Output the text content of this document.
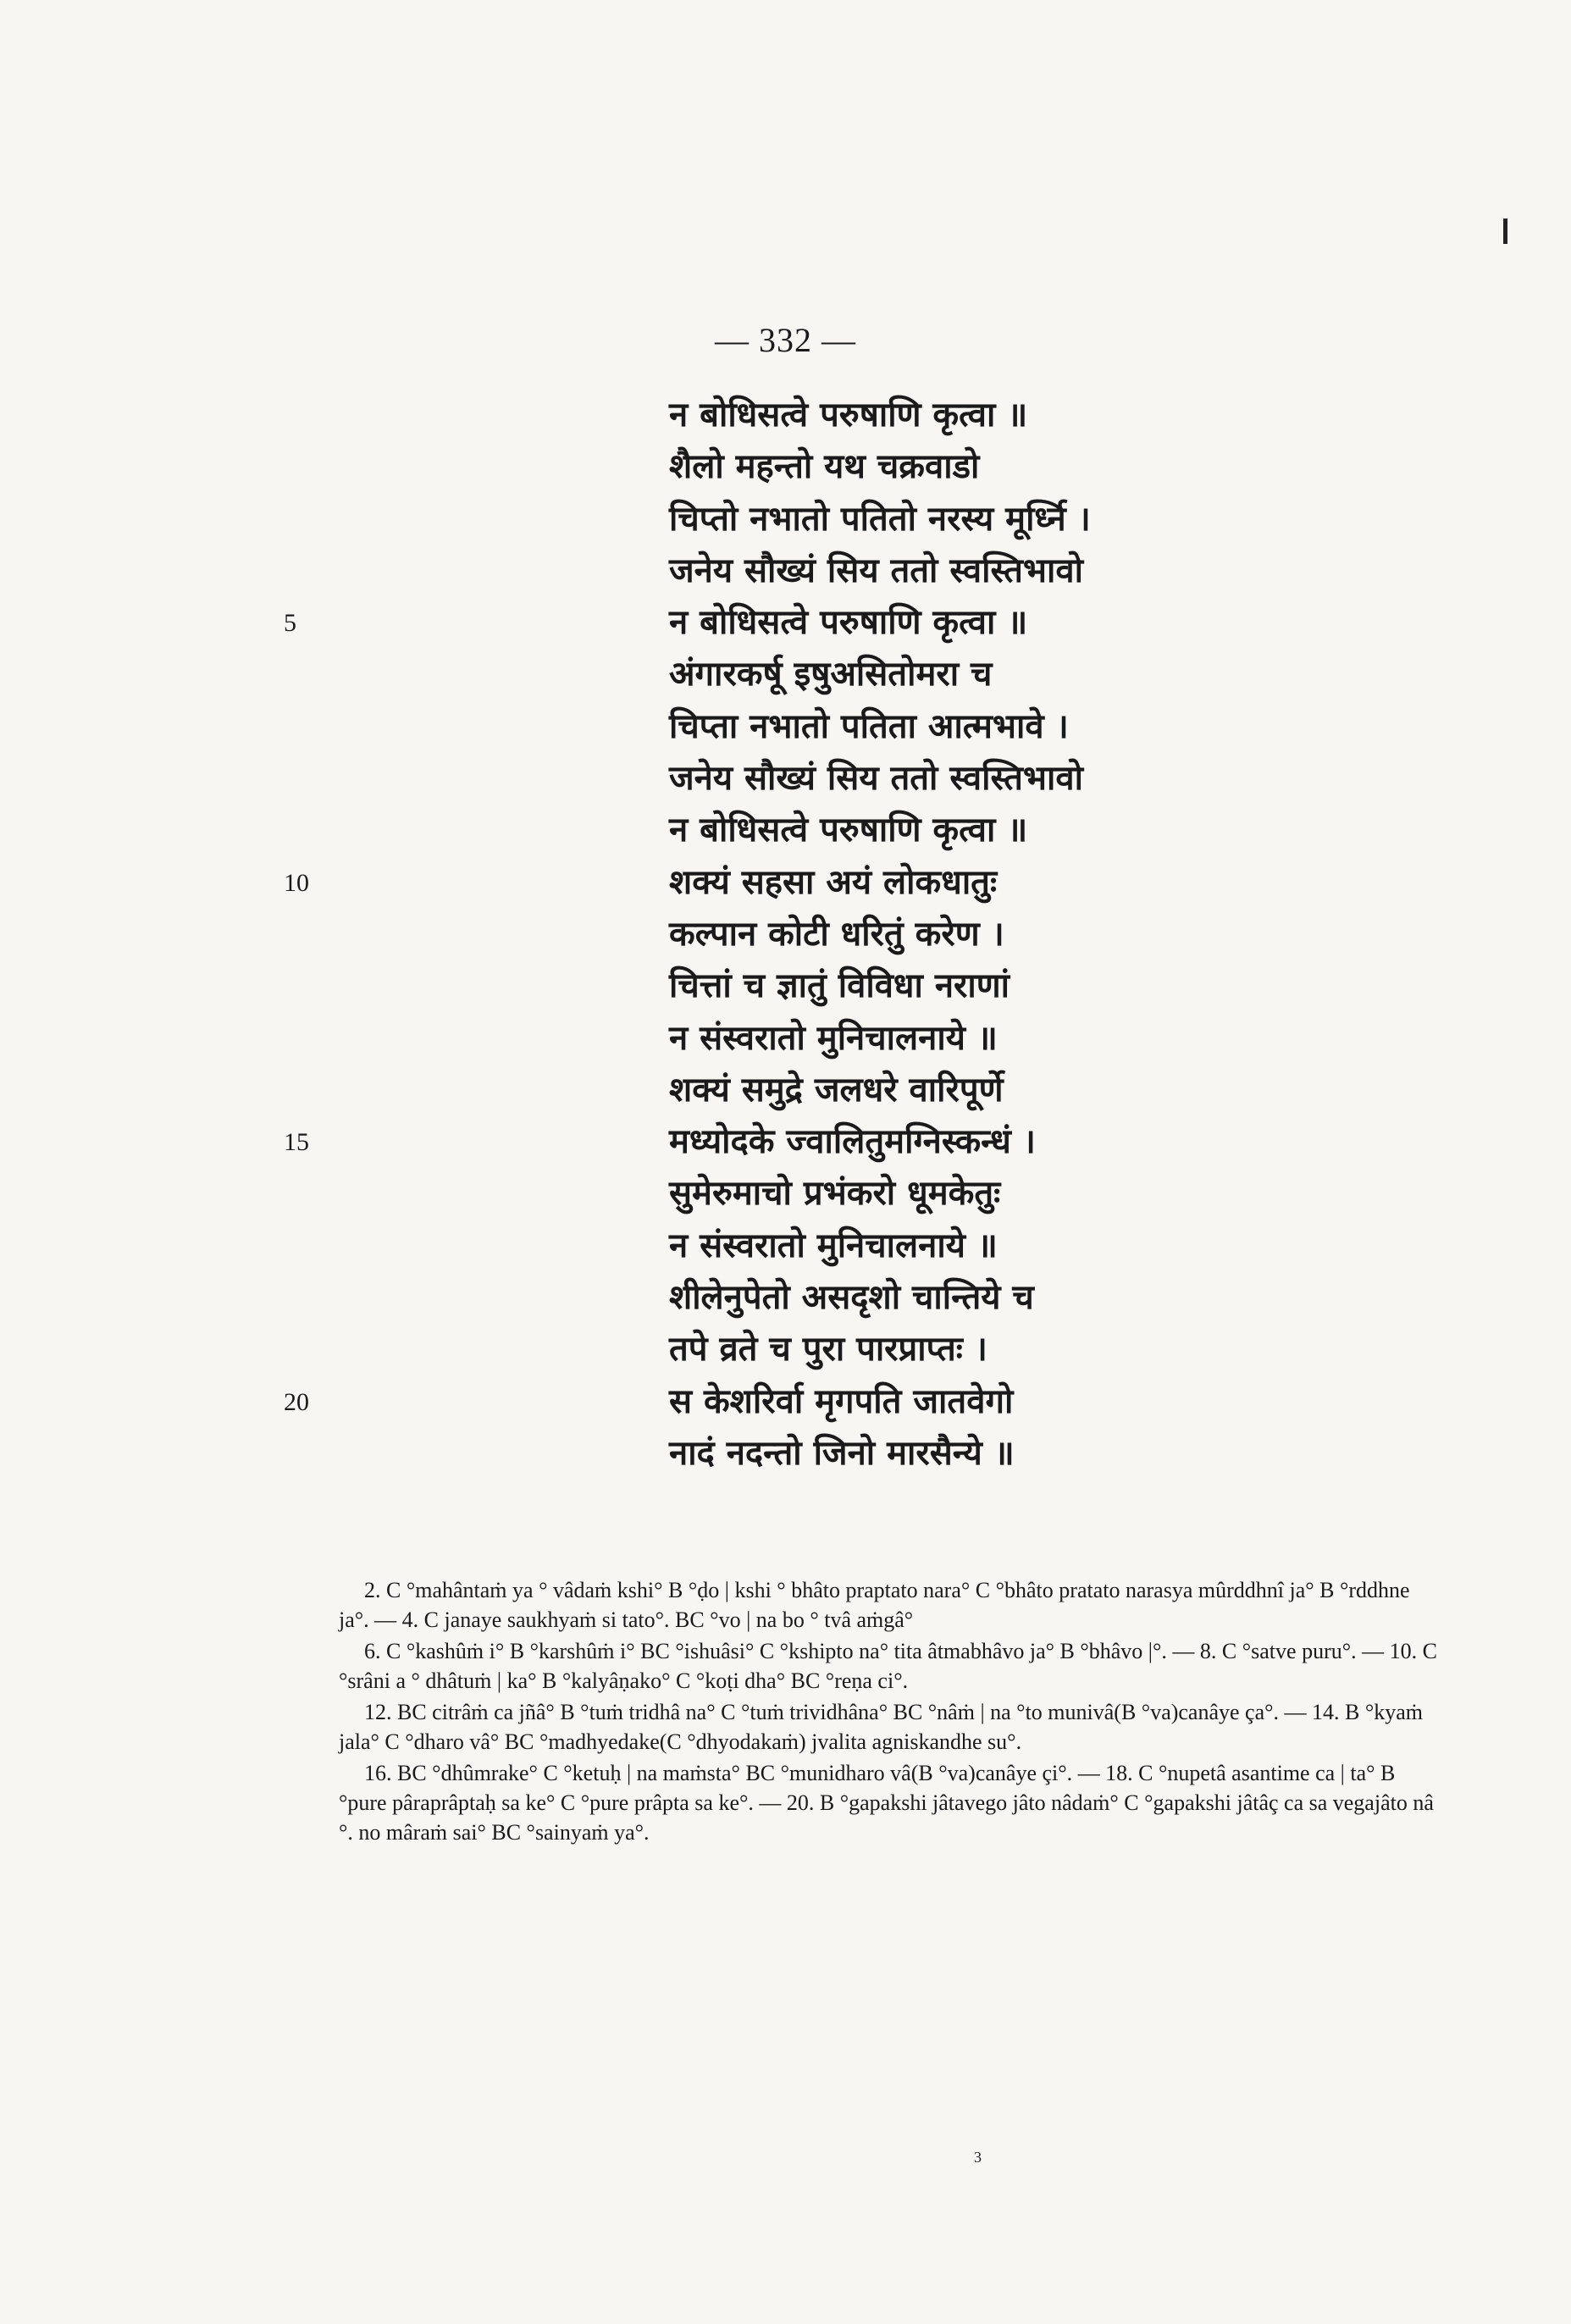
— 332 —
न बोधिसत्वे परुषाणि कृत्वा ॥
शैलो महन्तो यथ चक्रवाडो
चिप्तो नभातो पतितो नरस्य मूर्ध्नि ।
जनेय सौख्यं सिय ततो स्वस्तिभावो
5	न बोधिसत्वे परुषाणि कृत्वा ॥
अंगारकर्षू इषुअसितोमरा च
चिप्ता नभातो पतिता आत्मभावे ।
जनेय सौख्यं सिय ततो स्वस्तिभावो
न बोधिसत्वे परुषाणि कृत्वा ॥
10	शक्यं सहसा अयं लोकधातुः
कल्पान कोटी धरितुं करेण ।
चित्तां च ज्ञातुं विविधा नराणां
न संस्वरातो मुनिचालनाये ॥
शक्यं समुद्रे जलधरे वारिपूर्णे
15	मध्योदके ज्वालितुमग्निस्कन्धं ।
सुमेरुमाचो प्रभंकरो धूमकेतुः
न संस्वरातो मुनिचालनाये ॥
शीलेनुपेतो असदृशो चान्तिये च
तपे व्रते च पुरा पारप्राप्तः ।
20	स केशरिर्वा मृगपति जातवेगो
नादं नदन्तो जिनो मारसैन्ये ॥

2. C °mahântaṁ ya ° vâdaṁ kshi° B °ḍo | kshi ° bhâto praptato nara° C °bhâto pratato narasya mûrddhnî ja° B °rddhne ja°. — 4. C janaye saukhyaṁ si tato°. BC °vo | na bo ° tvâ aṁgâ°

6. C °kashûṁ i° B °karshûṁ i° BC °ishuâsi° C °kshipto na° tita âtmabhâvo ja° B °bhâvo |°. — 8. C °satve puru°. — 10. C °srâni a ° dhâtuṁ | ka° B °kalyâṇako° C °koṭi dha° BC °reṇa ci°.

12. BC citrâṁ ca jñâ° B °tuṁ tridhâ na° C °tuṁ trividhâna° BC °nâṁ | na °to munivâ(B °va)canâye ça°. — 14. B °kyaṁ jala° C °dharo vâ° BC °madhyedake(C °dhyodakaṁ) jvalita agniskandhe su°.

16. BC °dhûmrake° C °ketuḥ | na maṁsta° BC °munidharo vâ(B °va)canâye çi°. — 18. C °nupetâ asantime ca | ta° B °pure pâraprâptaḥ sa ke° C °pure prâpta sa ke°. — 20. B °gapakshi jâtavego jâto nâdaṁ° C °gapakshi jâtâç ca sa vegajâto nâ °. no mâraṁ sai° BC °sainyaṁ ya°.

3
